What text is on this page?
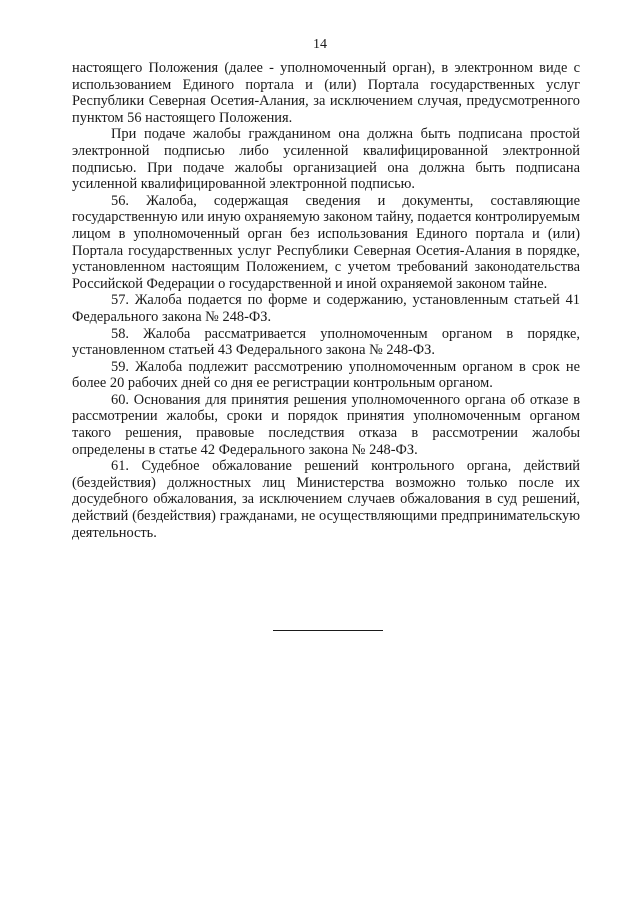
14

настоящего Положения (далее - уполномоченный орган), в электронном виде с использованием Единого портала и (или) Портала государственных услуг Республики Северная Осетия-Алания, за исключением случая, предусмотренного пунктом 56 настоящего Положения.

При подаче жалобы гражданином она должна быть подписана простой электронной подписью либо усиленной квалифицированной электронной подписью. При подаче жалобы организацией она должна быть подписана усиленной квалифицированной электронной подписью.

56. Жалоба, содержащая сведения и документы, составляющие государственную или иную охраняемую законом тайну, подается контролируемым лицом в уполномоченный орган без использования Единого портала и (или) Портала государственных услуг Республики Северная Осетия-Алания в порядке, установленном настоящим Положением, с учетом требований законодательства Российской Федерации о государственной и иной охраняемой законом тайне.

57. Жалоба подается по форме и содержанию, установленным статьей 41 Федерального закона № 248-ФЗ.

58. Жалоба рассматривается уполномоченным органом в порядке, установленном статьей 43 Федерального закона № 248-ФЗ.

59. Жалоба подлежит рассмотрению уполномоченным органом в срок не более 20 рабочих дней со дня ее регистрации контрольным органом.

60. Основания для принятия решения уполномоченного органа об отказе в рассмотрении жалобы, сроки и порядок принятия уполномоченным органом такого решения, правовые последствия отказа в рассмотрении жалобы определены в статье 42 Федерального закона № 248-ФЗ.

61. Судебное обжалование решений контрольного органа, действий (бездействия) должностных лиц Министерства возможно только после их досудебного обжалования, за исключением случаев обжалования в суд решений, действий (бездействия) гражданами, не осуществляющими предпринимательскую деятельность.
